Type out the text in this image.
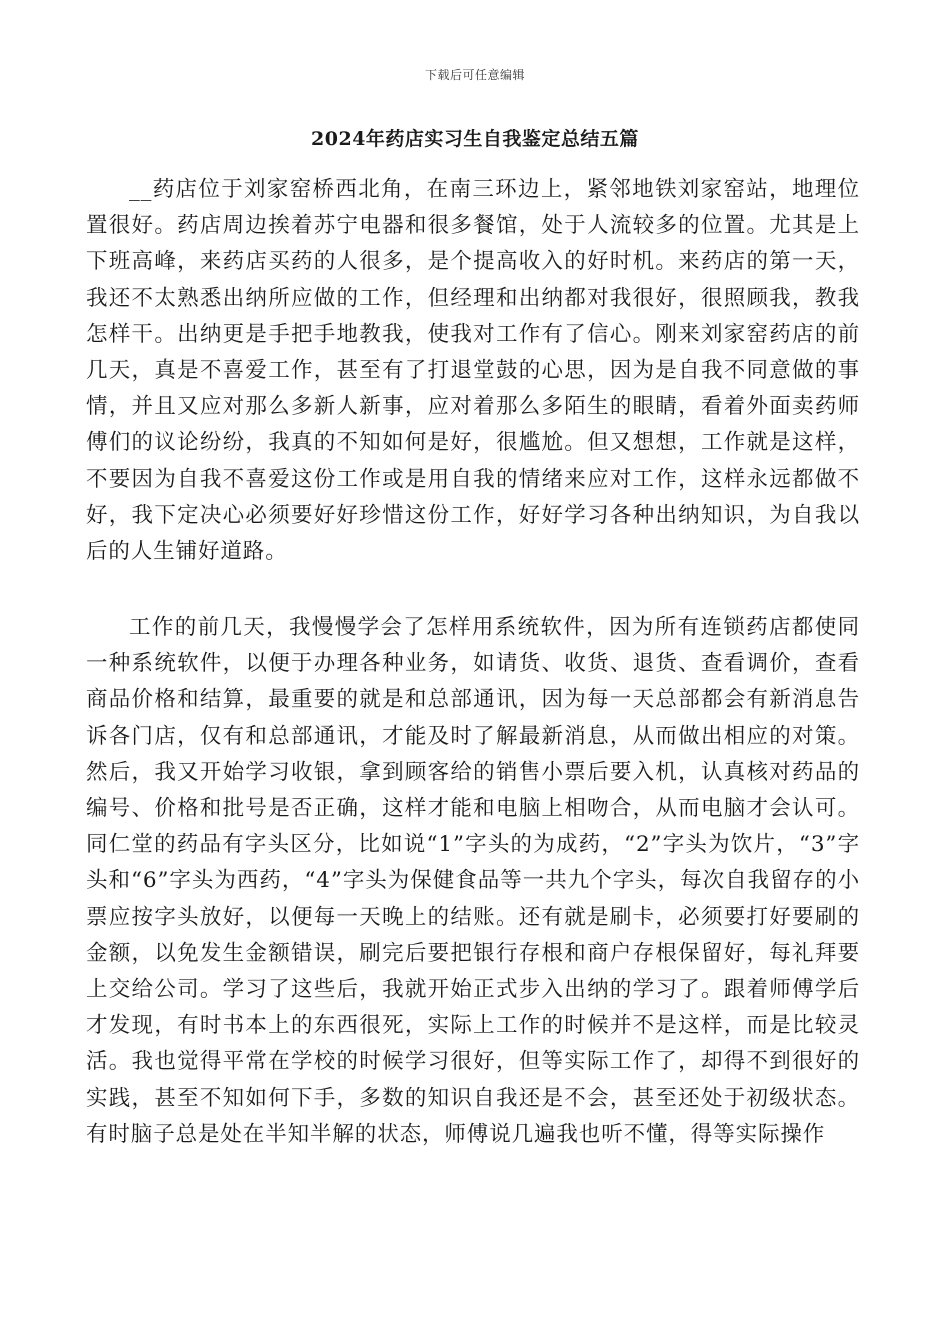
下载后可任意编辑
2024年药店实习生自我鉴定总结五篇

__药店位于刘家窑桥西北角，在南三环边上，紧邻地铁刘家窑站，地理位置很好。药店周边挨着苏宁电器和很多餐馆，处于人流较多的位置。尤其是上下班高峰，来药店买药的人很多，是个提高收入的好时机。来药店的第一天，我还不太熟悉出纳所应做的工作，但经理和出纳都对我很好，很照顾我，教我怎样干。出纳更是手把手地教我，使我对工作有了信心。刚来刘家窑药店的前几天，真是不喜爱工作，甚至有了打退堂鼓的心思，因为是自我不同意做的事情，并且又应对那么多新人新事，应对着那么多陌生的眼睛，看着外面卖药师傅们的议论纷纷，我真的不知如何是好，很尴尬。但又想想，工作就是这样，不要因为自我不喜爱这份工作或是用自我的情绪来应对工作，这样永远都做不好，我下定决心必须要好好珍惜这份工作，好好学习各种出纳知识，为自我以后的人生铺好道路。

工作的前几天，我慢慢学会了怎样用系统软件，因为所有连锁药店都使同一种系统软件，以便于办理各种业务，如请货、收货、退货、查看调价，查看商品价格和结算，最重要的就是和总部通讯，因为每一天总部都会有新消息告诉各门店，仅有和总部通讯，才能及时了解最新消息，从而做出相应的对策。然后，我又开始学习收银，拿到顾客给的销售小票后要入机，认真核对药品的编号、价格和批号是否正确，这样才能和电脑上相吻合，从而电脑才会认可。同仁堂的药品有字头区分，比如说“1”字头的为成药，“2”字头为饮片，“3”字头和“6”字头为西药，“4”字头为保健食品等一共九个字头，每次自我留存的小票应按字头放好，以便每一天晚上的结账。还有就是刷卡，必须要打好要刷的金额，以免发生金额错误，刷完后要把银行存根和商户存根保留好，每礼拜要上交给公司。学习了这些后，我就开始正式步入出纳的学习了。跟着师傅学后才发现，有时书本上的东西很死，实际上工作的时候并不是这样，而是比较灵活。我也觉得平常在学校的时候学习很好，但等实际工作了，却得不到很好的实践，甚至不知如何下手，多数的知识自我还是不会，甚至还处于初级状态。有时脑子总是处在半知半解的状态，师傅说几遍我也听不懂，得等实际操作
